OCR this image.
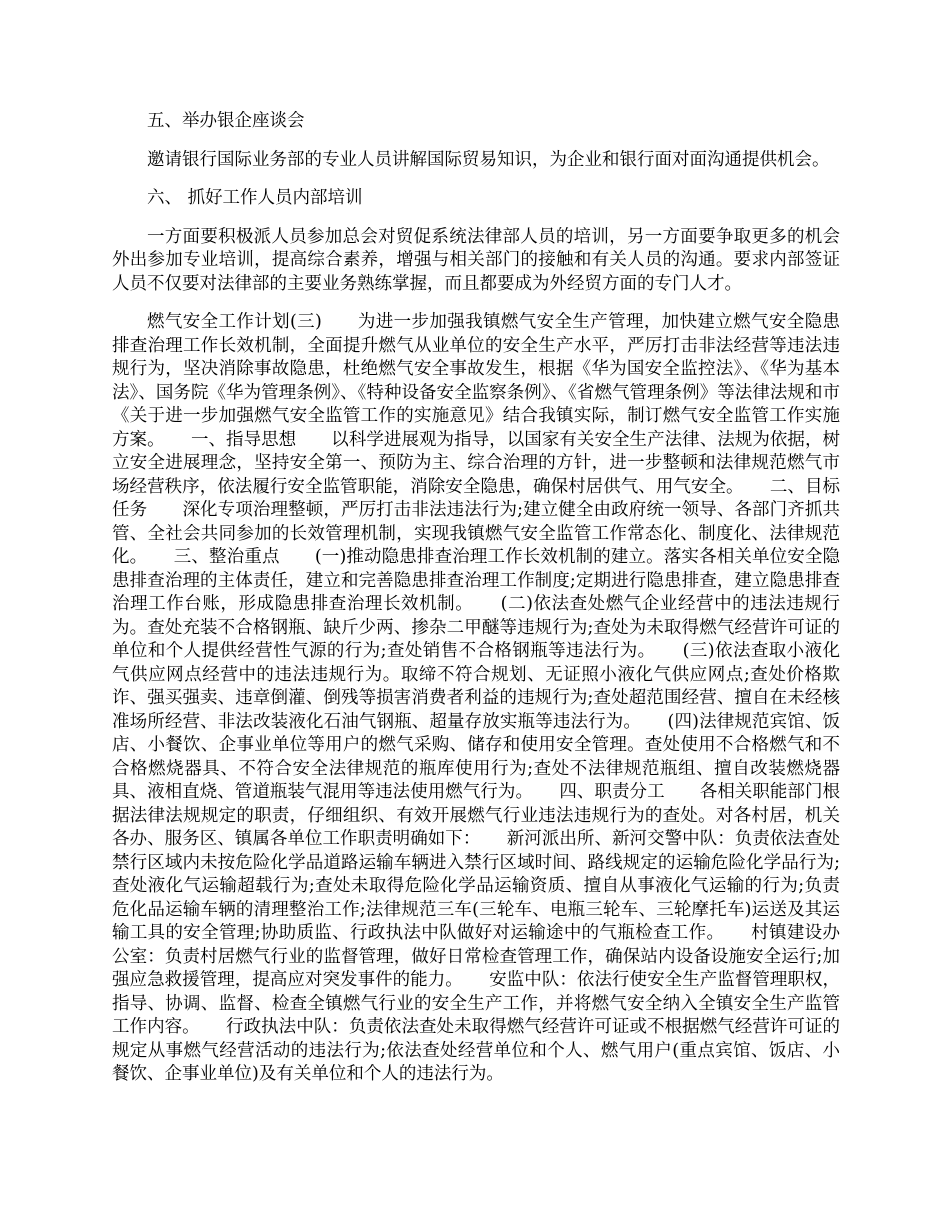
五、举办银企座谈会

邀请银行国际业务部的专业人员讲解国际贸易知识，为企业和银行面对面沟通提供机会。

六、 抓好工作人员内部培训

一方面要积极派人员参加总会对贸促系统法律部人员的培训，另一方面要争取更多的机会外出参加专业培训，提高综合素养，增强与相关部门的接触和有关人员的沟通。要求内部签证人员不仅要对法律部的主要业务熟练掌握，而且都要成为外经贸方面的专门人才。

燃气安全工作计划(三)　　为进一步加强我镇燃气安全生产管理，加快建立燃气安全隐患排查治理工作长效机制，全面提升燃气从业单位的安全生产水平，严厉打击非法经营等违法违规行为，坚决消除事故隐患，杜绝燃气安全事故发生，根据《华为国安全监控法》、《华为基本法》、国务院《华为管理条例》、《特种设备安全监察条例》、《省燃气管理条例》等法律法规和市《关于进一步加强燃气安全监管工作的实施意见》结合我镇实际，制订燃气安全监管工作实施方案。　　一、指导思想　　以科学进展观为指导，以国家有关安全生产法律、法规为依据，树立安全进展理念，坚持安全第一、预防为主、综合治理的方针，进一步整顿和法律规范燃气市场经营秩序，依法履行安全监管职能，消除安全隐患，确保村居供气、用气安全。　　二、目标任务　　深化专项治理整顿，严厉打击非法违法行为;建立健全由政府统一领导、各部门齐抓共管、全社会共同参加的长效管理机制，实现我镇燃气安全监管工作常态化、制度化、法律规范化。　　三、整治重点　　(一)推动隐患排查治理工作长效机制的建立。落实各相关单位安全隐患排查治理的主体责任，建立和完善隐患排查治理工作制度;定期进行隐患排查，建立隐患排查治理工作台账，形成隐患排查治理长效机制。　　(二)依法查处燃气企业经营中的违法违规行为。查处充装不合格钢瓶、缺斤少两、掺杂二甲醚等违规行为;查处为未取得燃气经营许可证的单位和个人提供经营性气源的行为;查处销售不合格钢瓶等违法行为。　　(三)依法查取小液化气供应网点经营中的违法违规行为。取缔不符合规划、无证照小液化气供应网点;查处价格欺诈、强买强卖、违章倒灌、倒残等损害消费者利益的违规行为;查处超范围经营、擅自在未经核准场所经营、非法改装液化石油气钢瓶、超量存放实瓶等违法行为。　　(四)法律规范宾馆、饭店、小餐饮、企事业单位等用户的燃气采购、储存和使用安全管理。查处使用不合格燃气和不合格燃烧器具、不符合安全法律规范的瓶库使用行为;查处不法律规范瓶组、擅自改装燃烧器具、液相直烧、管道瓶装气混用等违法使用燃气行为。　　四、职责分工　　各相关职能部门根据法律法规规定的职责，仔细组织、有效开展燃气行业违法违规行为的查处。对各村居，机关各办、服务区、镇属各单位工作职责明确如下：　　新河派出所、新河交警中队：负责依法查处禁行区域内未按危险化学品道路运输车辆进入禁行区域时间、路线规定的运输危险化学品行为;查处液化气运输超载行为;查处未取得危险化学品运输资质、擅自从事液化气运输的行为;负责危化品运输车辆的清理整治工作;法律规范三车(三轮车、电瓶三轮车、三轮摩托车)运送及其运输工具的安全管理;协助质监、行政执法中队做好对运输途中的气瓶检查工作。　　村镇建设办公室：负责村居燃气行业的监督管理，做好日常检查管理工作，确保站内设备设施安全运行;加强应急救援管理，提高应对突发事件的能力。　　安监中队：依法行使安全生产监督管理职权，指导、协调、监督、检查全镇燃气行业的安全生产工作，并将燃气安全纳入全镇安全生产监管工作内容。　　行政执法中队：负责依法查处未取得燃气经营许可证或不根据燃气经营许可证的规定从事燃气经营活动的违法行为;依法查处经营单位和个人、燃气用户(重点宾馆、饭店、小餐饮、企事业单位)及有关单位和个人的违法行为。
